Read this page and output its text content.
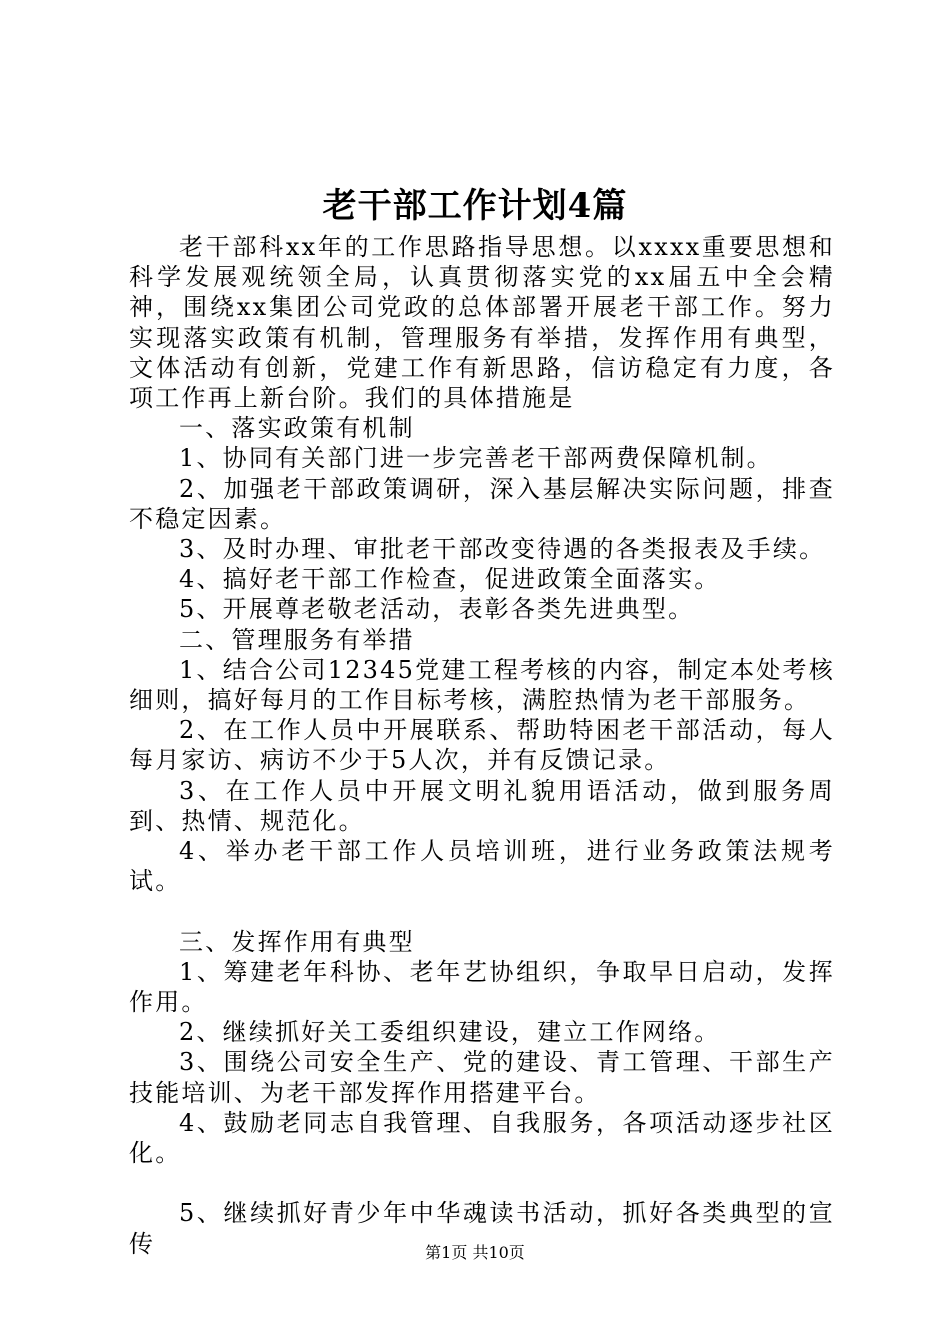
老干部工作计划4篇

老干部科xx年的工作思路指导思想。以xxxx重要思想和科学发展观统领全局，认真贯彻落实党的xx届五中全会精神，围绕xx集团公司党政的总体部署开展老干部工作。努力实现落实政策有机制，管理服务有举措，发挥作用有典型，文体活动有创新，党建工作有新思路，信访稳定有力度，各项工作再上新台阶。我们的具体措施是

一、落实政策有机制

1、协同有关部门进一步完善老干部两费保障机制。

2、加强老干部政策调研，深入基层解决实际问题，排查不稳定因素。

3、及时办理、审批老干部改变待遇的各类报表及手续。

4、搞好老干部工作检查，促进政策全面落实。

5、开展尊老敬老活动，表彰各类先进典型。

二、管理服务有举措

1、结合公司12345党建工程考核的内容，制定本处考核细则，搞好每月的工作目标考核，满腔热情为老干部服务。

2、在工作人员中开展联系、帮助特困老干部活动，每人每月家访、病访不少于5人次，并有反馈记录。

3、在工作人员中开展文明礼貌用语活动，做到服务周到、热情、规范化。

4、举办老干部工作人员培训班，进行业务政策法规考试。

三、发挥作用有典型

1、筹建老年科协、老年艺协组织，争取早日启动，发挥作用。

2、继续抓好关工委组织建设，建立工作网络。

3、围绕公司安全生产、党的建设、青工管理、干部生产技能培训、为老干部发挥作用搭建平台。

4、鼓励老同志自我管理、自我服务，各项活动逐步社区化。

5、继续抓好青少年中华魂读书活动，抓好各类典型的宣传	第1页 共10页
